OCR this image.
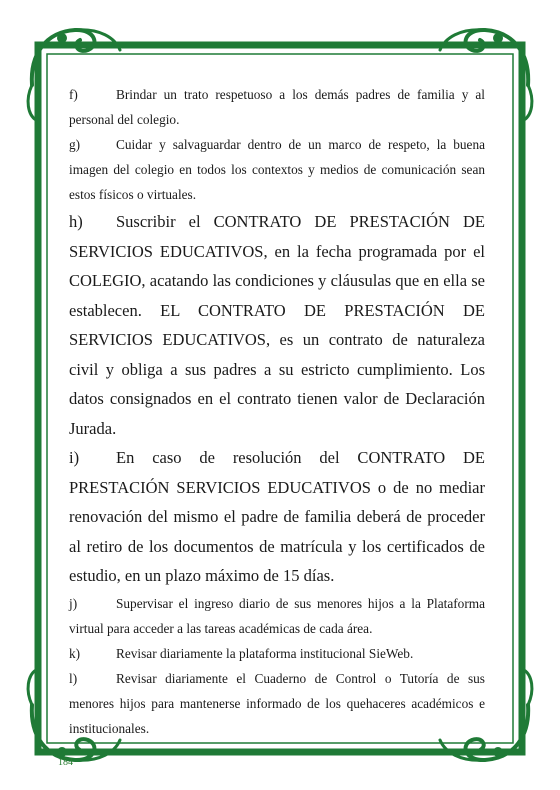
f)	Brindar un trato respetuoso a los demás padres de familia y al personal del colegio.

g)	Cuidar y salvaguardar dentro de un marco de respeto, la buena imagen del colegio en todos los contextos y medios de comunicación sean estos físicos o virtuales.

h) Suscribir el CONTRATO DE PRESTACIÓN DE SERVICIOS EDUCATIVOS, en la fecha programada por el COLEGIO, acatando las condiciones y cláusulas que en ella se establecen. EL CONTRATO DE PRESTACIÓN DE SERVICIOS EDUCATIVOS, es un contrato de naturaleza civil y obliga a sus padres a su estricto cumplimiento. Los datos consignados en el contrato tienen valor de Declaración Jurada.

i) En caso de resolución del CONTRATO DE PRESTACIÓN SERVICIOS EDUCATIVOS o de no mediar renovación del mismo el padre de familia deberá de proceder al retiro de los documentos de matrícula y los certificados de estudio, en un plazo máximo de 15 días.

j)	Supervisar el ingreso diario de sus menores hijos a la Plataforma virtual para acceder a las tareas académicas de cada área.

k)	Revisar diariamente la plataforma institucional SieWeb.

l)	Revisar diariamente el Cuaderno de Control o Tutoría de sus menores hijos para mantenerse informado de los quehaceres académicos e institucionales.

184
